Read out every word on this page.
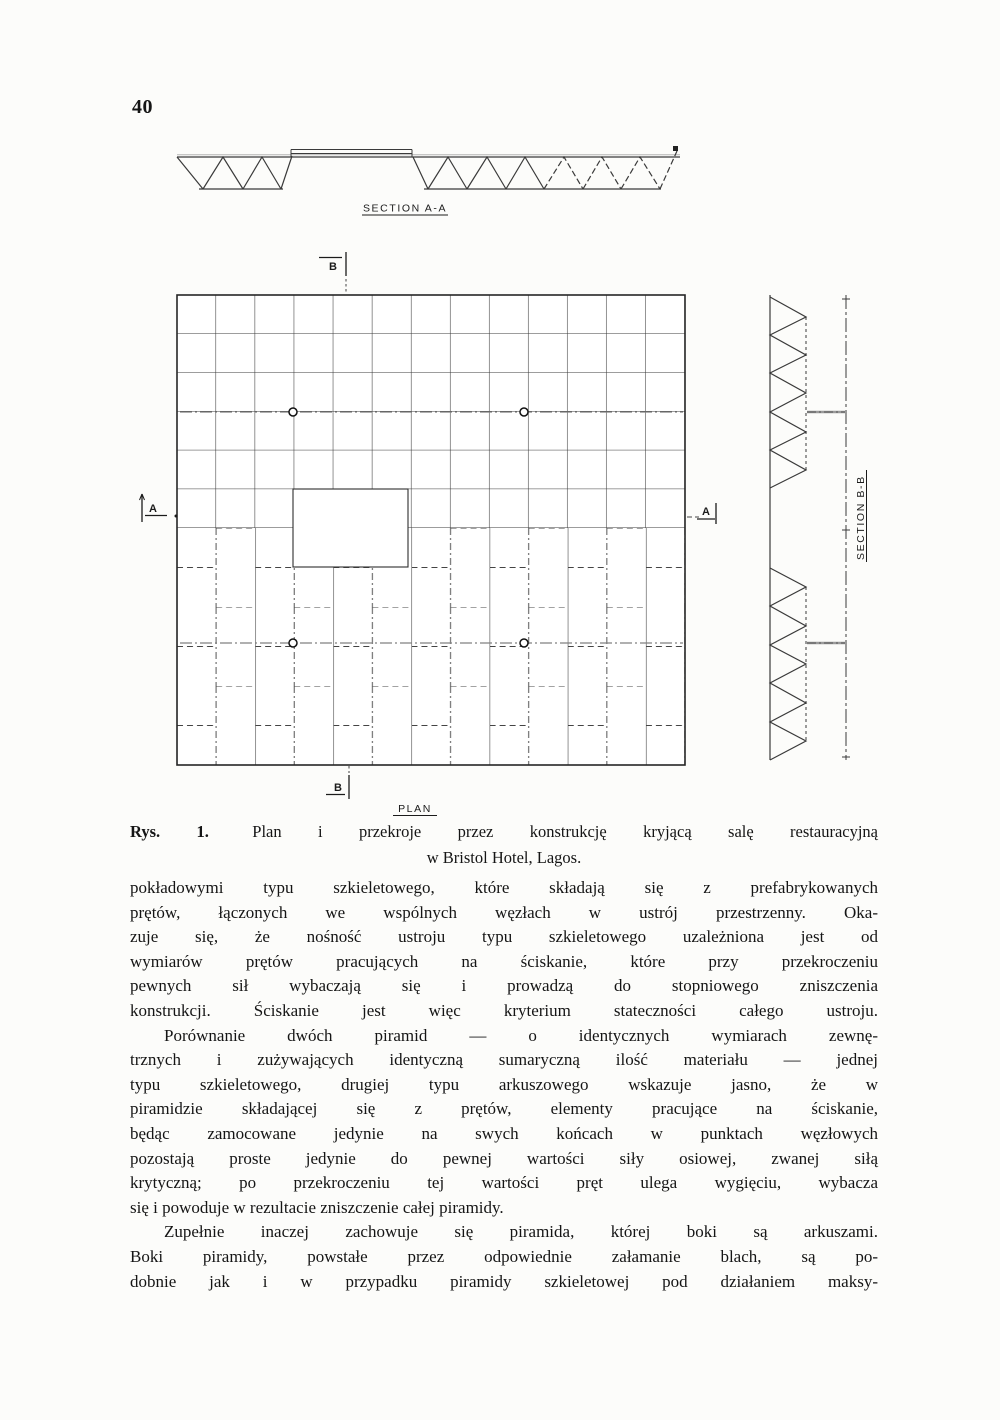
40
SECTION A-A
B
B
A	A	SECTION B-B
PLAN
Rys. 1.	Plan i przekroje przez konstrukcję kryjącą salę restauracyjną
w Bristol Hotel, Lagos.
pokładowymi typu szkieletowego, które składają się z prefabrykowanych
prętów, łączonych we wspólnych węzłach w ustrój przestrzenny. Oka-
zuje się, że nośność ustroju typu szkieletowego uzależniona jest od
wymiarów prętów pracujących na ściskanie, które przy przekroczeniu
pewnych sił wybaczają się i prowadzą do stopniowego zniszczenia
konstrukcji. Ściskanie jest więc kryterium stateczności całego ustroju.
Porównanie dwóch piramid — o identycznych wymiarach zewnę-
trznych i zużywających identyczną sumaryczną ilość materiału — jednej
typu szkieletowego, drugiej typu arkuszowego wskazuje jasno, że w
piramidzie składającej się z prętów, elementy pracujące na ściskanie,
będąc zamocowane jedynie na swych końcach w punktach węzłowych
pozostają proste jedynie do pewnej wartości siły osiowej, zwanej siłą
krytyczną; po przekroczeniu tej wartości pręt ulega wygięciu, wybacza
się i powoduje w rezultacie zniszczenie całej piramidy.
Zupełnie inaczej zachowuje się piramida, której boki są arkuszami.
Boki piramidy, powstałe przez odpowiednie załamanie blach, są po-
dobnie jak i w przypadku piramidy szkieletowej pod działaniem maksy-
